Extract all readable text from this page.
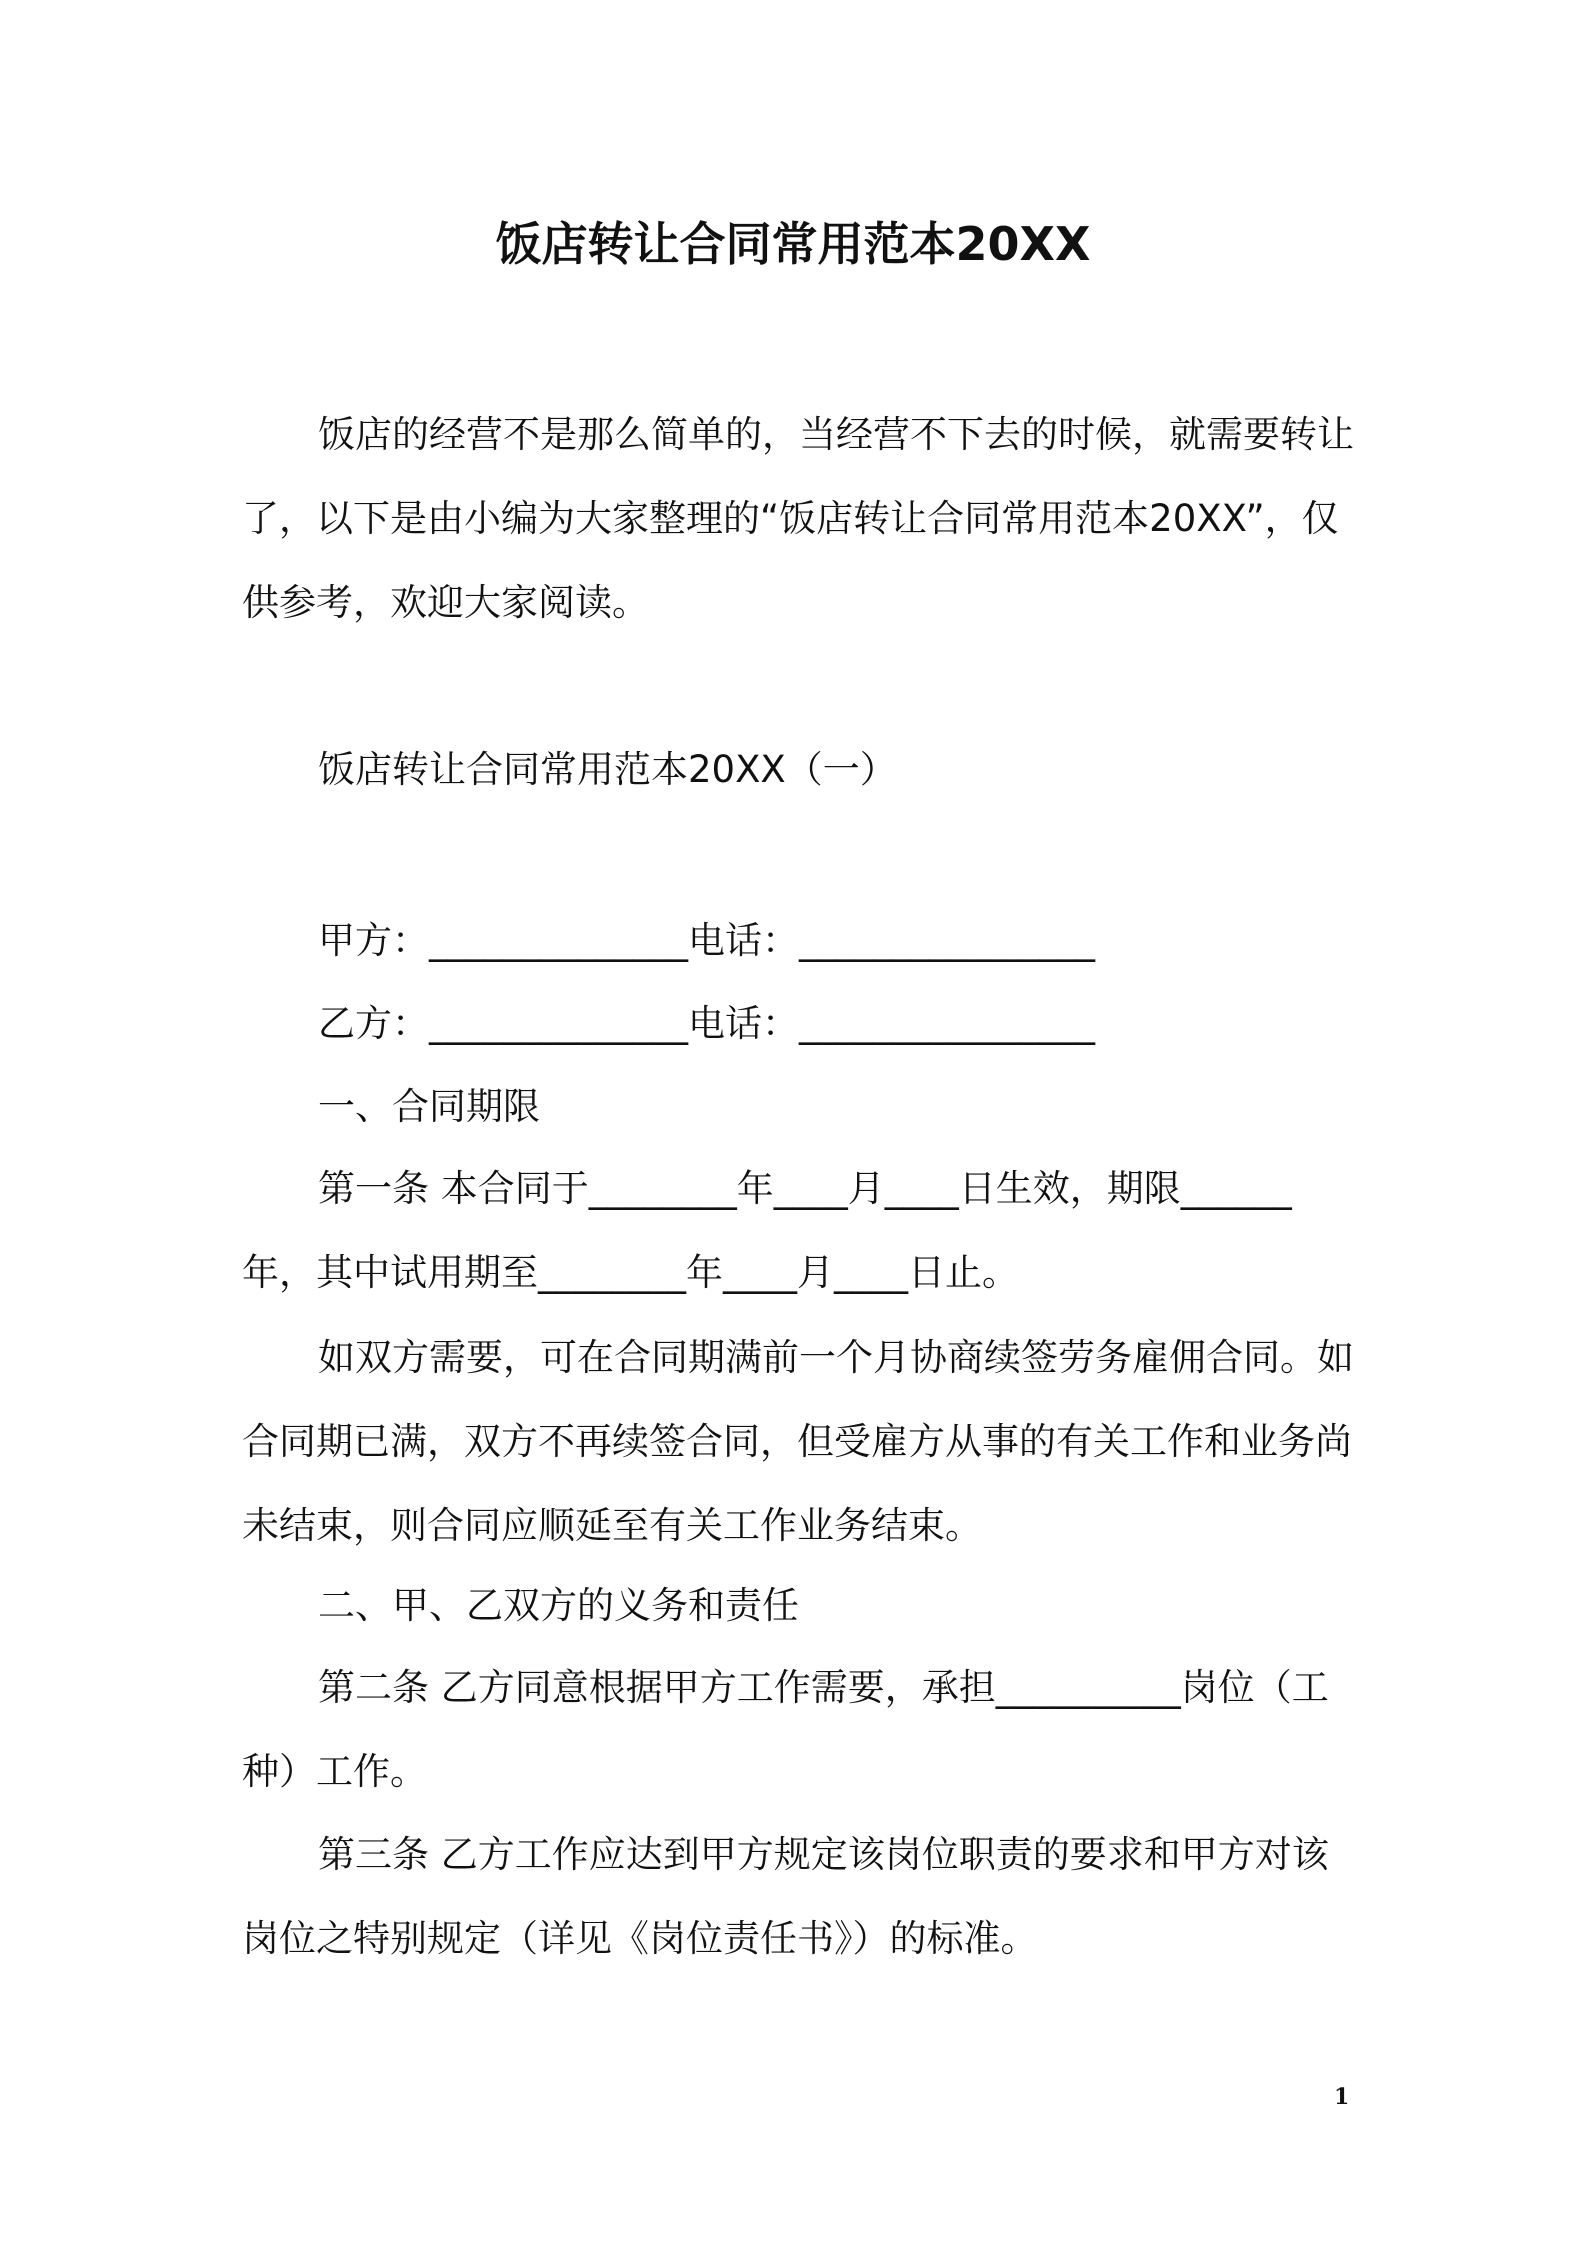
饭店转让合同常用范本20XX

饭店的经营不是那么简单的，当经营不下去的时候，就需要转让了，以下是由小编为大家整理的“饭店转让合同常用范本20XX”，仅供参考，欢迎大家阅读。

饭店转让合同常用范本20XX（一）
甲方：______________电话：________________
乙方：______________电话：________________
一、合同期限

第一条 本合同于________年____月____日生效，期限______年，其中试用期至________年____月____日止。

如双方需要，可在合同期满前一个月协商续签劳务雇佣合同。如合同期已满，双方不再续签合同，但受雇方从事的有关工作和业务尚未结束，则合同应顺延至有关工作业务结束。

二、甲、乙双方的义务和责任

第二条 乙方同意根据甲方工作需要，承担__________岗位（工种）工作。

第三条 乙方工作应达到甲方规定该岗位职责的要求和甲方对该岗位之特别规定（详见《岗位责任书》）的标准。

1
